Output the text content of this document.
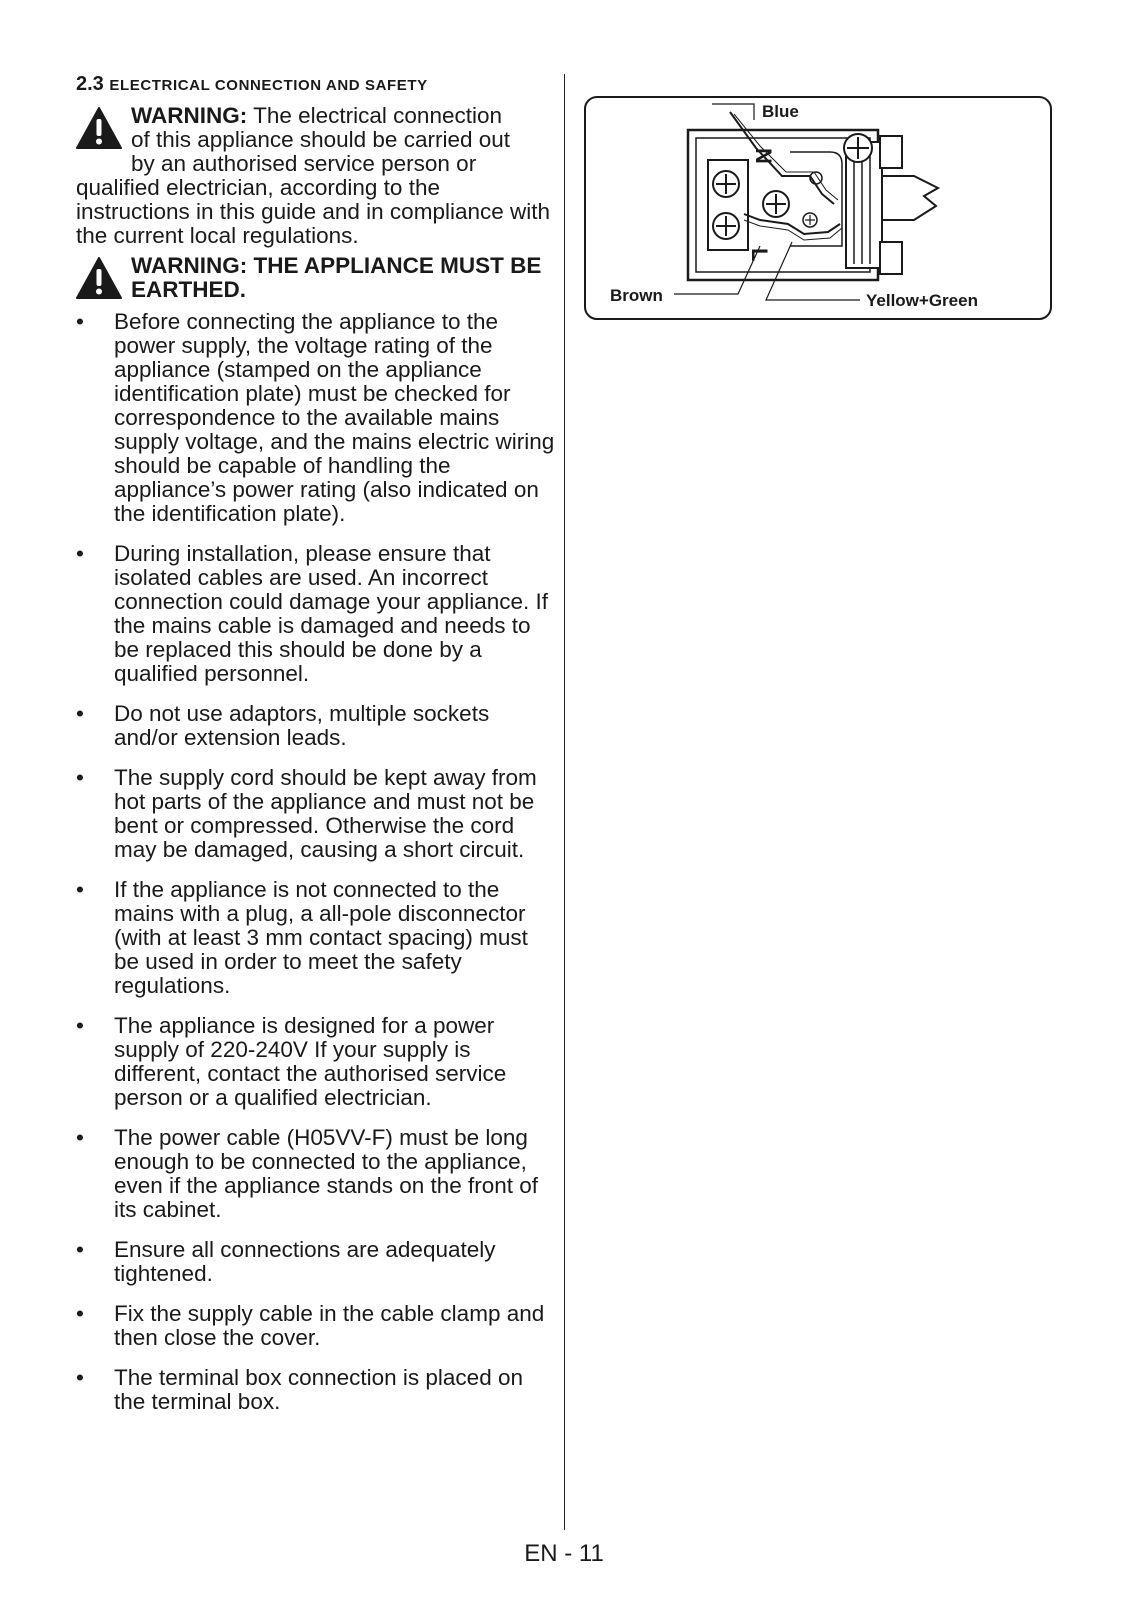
2.3 ELECTRICAL CONNECTION AND SAFETY
WARNING: The electrical connection
of this appliance should be carried out
by an authorised service person or
qualified electrician, according to the instructions in this guide and in compliance with the current local regulations.
WARNING: THE APPLIANCE MUST BE EARTHED.
• Before connecting the appliance to the power supply, the voltage rating of the appliance (stamped on the appliance identification plate) must be checked for correspondence to the available mains supply voltage, and the mains electric wiring should be capable of handling the appliance’s power rating (also indicated on the identification plate).
• During installation, please ensure that isolated cables are used. An incorrect connection could damage your appliance. If the mains cable is damaged and needs to be replaced this should be done by a qualified personnel.
• Do not use adaptors, multiple sockets and/or extension leads.
• The supply cord should be kept away from hot parts of the appliance and must not be bent or compressed. Otherwise the cord may be damaged, causing a short circuit.
• If the appliance is not connected to the mains with a plug, a all-pole disconnector (with at least 3 mm contact spacing) must be used in order to meet the safety regulations.
• The appliance is designed for a power supply of 220-240V If your supply is different, contact the authorised service person or a qualified electrician.
• The power cable (H05VV-F) must be long enough to be connected to the appliance, even if the appliance stands on the front of its cabinet.
• Ensure all connections are adequately tightened.
• Fix the supply cable in the cable clamp and then close the cover.
• The terminal box connection is placed on the terminal box.
N
L
Blue
Brown	Yellow+Green
EN - 11
